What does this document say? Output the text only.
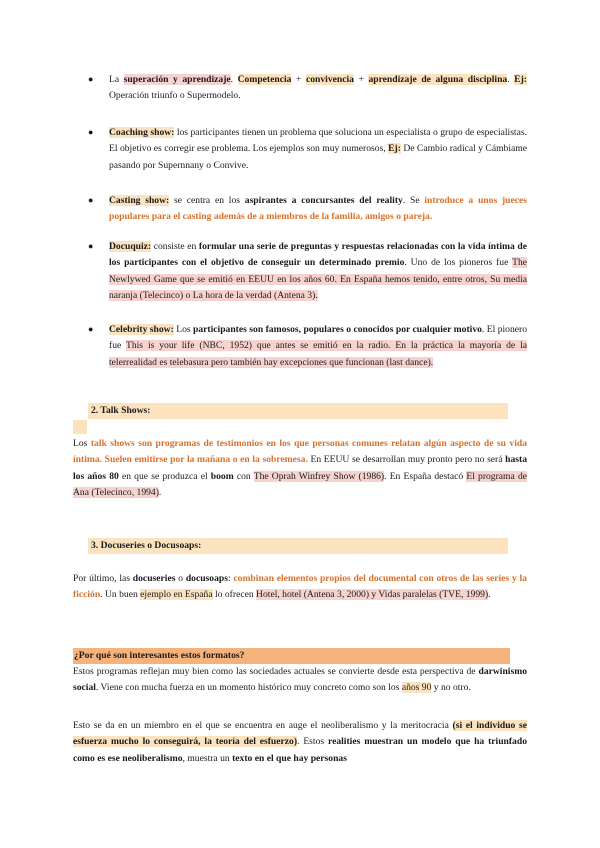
● La superación y aprendizaje. Competencia + convivencia + aprendizaje de alguna disciplina. Ej: Operación triunfo o Supermodelo.
● Coaching show: los participantes tienen un problema que soluciona un especialista o grupo de especialistas. El objetivo es corregir ese problema. Los ejemplos son muy numerosos, Ej: De Cambio radical y Cámbiame pasando por Supernnany o Convive.
● Casting show: se centra en los aspirantes a concursantes del reality. Se introduce a unos jueces populares para el casting además de a miembros de la familia, amigos o pareja.
● Docuquiz: consiste en formular una serie de preguntas y respuestas relacionadas con la vida íntima de los participantes con el objetivo de conseguir un determinado premio. Uno de los pioneros fue The Newlywed Game que se emitió en EEUU en los años 60. En España hemos tenido, entre otros, Su media naranja (Telecinco) o La hora de la verdad (Antena 3).
● Celebrity show: Los participantes son famosos, populares o conocidos por cualquier motivo. El pionero fue This is your life (NBC, 1952) que antes se emitió en la radio. En la práctica la mayoría de la telerrealidad es telebasura pero también hay excepciones que funcionan (last dance).
2. Talk Shows:
Los talk shows son programas de testimonios en los que personas comunes relatan algún aspecto de su vida íntima. Suelen emitirse por la mañana o en la sobremesa. En EEUU se desarrollan muy pronto pero no será hasta los años 80 en que se produzca el boom con The Oprah Winfrey Show (1986). En España destacó El programa de Ana (Telecinco, 1994).
3. Docuseries o Docusoaps:
Por último, las docuseries o docusoaps: combinan elementos propios del documental con otros de las series y la ficción. Un buen ejemplo en España lo ofrecen Hotel, hotel (Antena 3, 2000) y Vidas paralelas (TVE, 1999).
¿Por qué son interesantes estos formatos?
Estos programas reflejan muy bien como las sociedades actuales se convierte desde esta perspectiva de darwinismo social. Viene con mucha fuerza en un momento histórico muy concreto como son los años 90 y no otro.
Esto se da en un miembro en el que se encuentra en auge el neoliberalismo y la meritocracia (si el individuo se esfuerza mucho lo conseguirá, la teoría del esfuerzo). Estos realities muestran un modelo que ha triunfado como es ese neoliberalismo, muestra un texto en el que hay personas
